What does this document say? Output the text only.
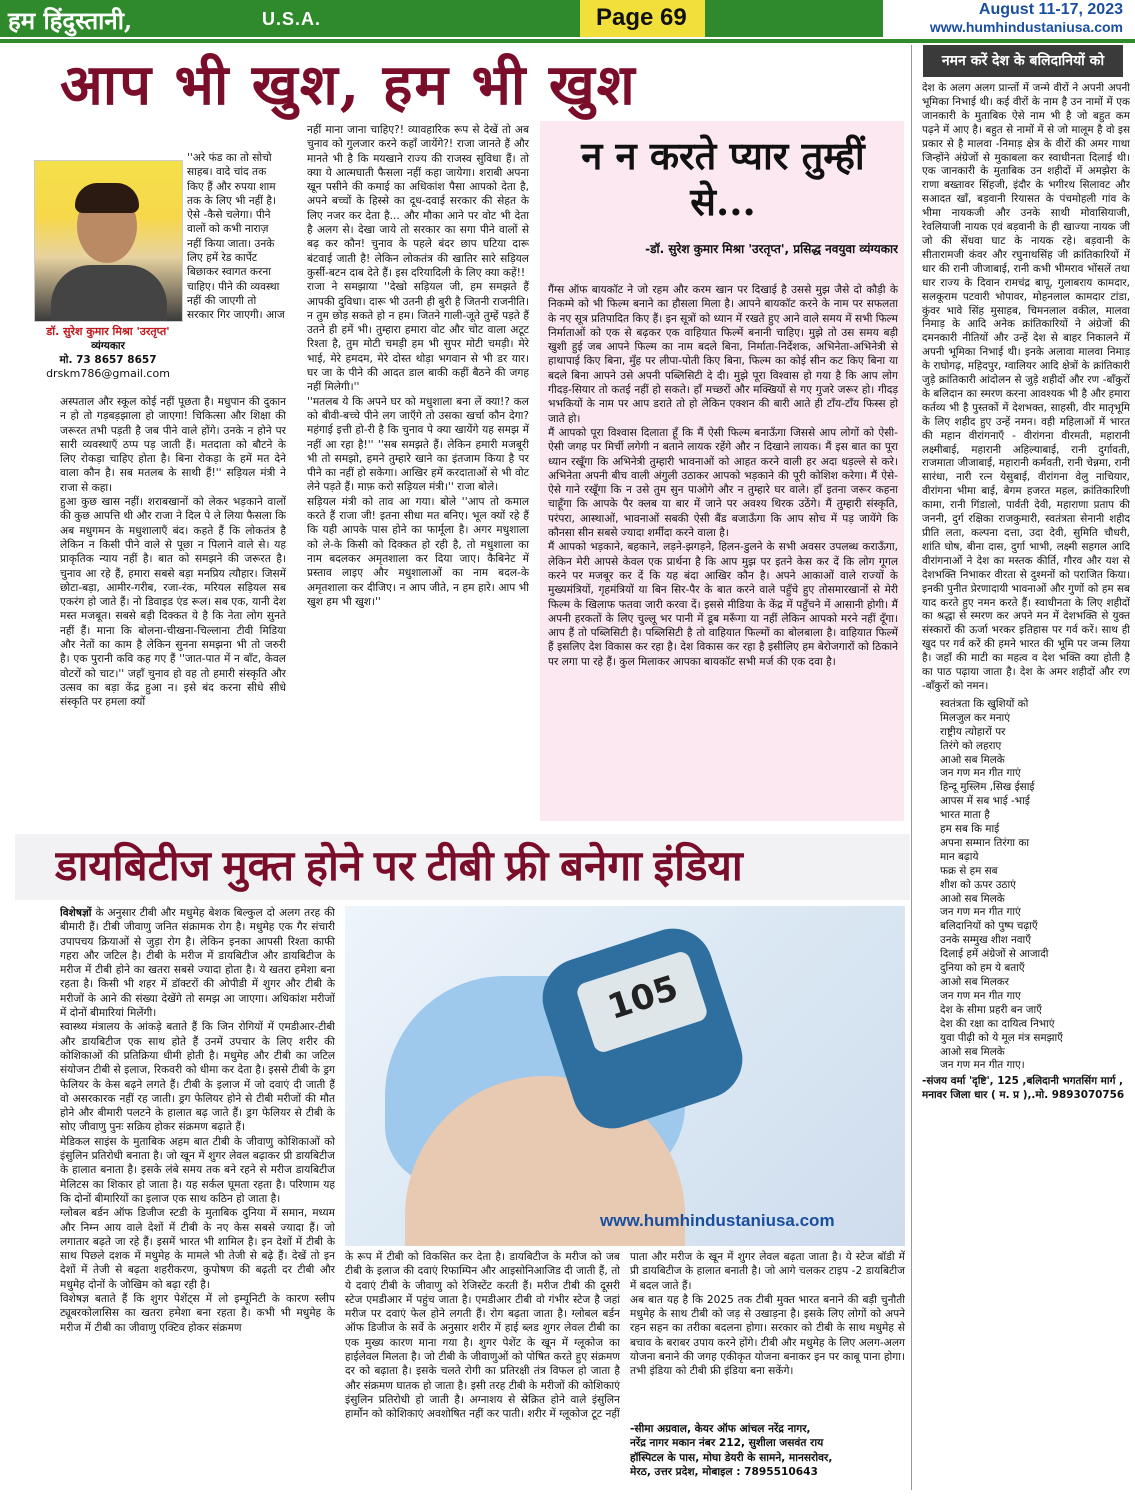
हम हिंदुस्तानी,	U.S.A.	Page 69	August 11-17, 2023
www.humhindustaniusa.com
आप भी खुश, हम भी खुश
डॉ. सुरेश कुमार मिश्रा 'उरतृप्त'
व्यंग्यकार
मो. 73 8657 8657
drskm786@gmail.com

''अरे फंड का तो सोचो साहब। वादे चांद तक किए हैं और रुपया शाम तक के लिए भी नहीं है। ऐसे -कैसे चलेगा। पीने वालों को कभी नाराज़ नहीं किया जाता। उनके लिए हमें रेड कार्पेट बिछाकर स्वागत करना चाहिए। पीने की व्यवस्था नहीं की जाएगी तो सरकार गिर जाएगी। आज

अस्पताल और स्कूल कोई नहीं पूछता है। मधुपान की दुकान न हो तो गड़बड़झाला हो जाएगा! चिकित्सा और शिक्षा की जरूरत तभी पड़ती है जब पीने वाले होंगे। उनके न होने पर सारी व्यवस्थाएँ ठप्प पड़ जाती हैं। मतदाता को बौटने के लिए रोकड़ा चाहिए होता है। बिना रोकड़ा के हमें मत देने वाला कौन है। सब मतलब के साथी हैं!'' सड़ियल मंत्री ने राजा से कहा।
हुआ कुछ खास नहीं। शराबखानों को लेकर भड़काने वालों की कुछ आपत्ति थी और राजा ने दिल पे ले लिया फैसला कि अब मधुगमन के मधुशालाएँ बंद। कहते हैं कि लोकतंत्र है लेकिन न किसी पीने वाले से पूछा न पिलाने वाले से। यह प्राकृतिक न्याय नहीं है। बात को समझने की जरूरत है। चुनाव आ रहे हैं, हमारा सबसे बड़ा मनप्रिय त्यौहार। जिसमें छोटा-बड़ा, आमीर-गरीब, रजा-रंक, मरियल सड़ियल सब एकरंग हो जाते हैं। नो डिवाइड एंड रूल। सब एक, यानी देश मस्त मजबूत। सबसे बड़ी दिक्कत ये है कि नेता लोग सुनते नहीं हैं। माना कि बोलना-चीखना-चिल्लाना टीवी मिडिया और नेतों का काम है लेकिन सुनना समझना भी तो जरुरी है। एक पुरानी कवि कह गए हैं ''जात-पात में न बाँट, केवल वोटरों को चाट।'' जहाँ चुनाव हो वह तो हमारी संस्कृति और उत्सव का बड़ा केंद्र हुआ न। इसे बंद करना सीधे सीधे संस्कृति पर हमला क्यों

नहीं माना जाना चाहिए?! व्यावहारिक रूप से देखें तो अब चुनाव को गुलजार करने कहाँ जायेंगे?! राजा जानते हैं और मानते भी है कि मयखाने राज्य की राजस्व सुविधा हैं। तो क्या ये आत्मघाती फैसला नहीं कहा जायेगा। शराबी अपना खून पसीने की कमाई का अधिकांश पैसा आपको देता है, अपने बच्चों के हिस्से का दूध-दवाई सरकार की सेहत के लिए नजर कर देता है... और मौका आने पर वोट भी देता है अलग से। देखा जाये तो सरकार का सगा पीने वालों से बढ़ कर कौन! चुनाव के पहले बंदर छाप घटिया दारू बंटवाई जाती है! लेकिन लोकतंत्र की खातिर सारे सड़ियल कुर्सी-बटन दाब देते हैं। इस दरियादिली के लिए क्या कहें!!
राजा ने समझाया ''देखो सड़ियल जी, हम समझते हैं आपकी दुविधा। दारू भी उतनी ही बुरी है जितनी राजनीति। न तुम छोड़ सकते हो न हम। जितने गाली-जूते तुम्हें पड़ते हैं उतने ही हमें भी। तुम्हारा हमारा वोट और चोट वाला अटूट रिश्ता है, तुम मोटी चमड़ी हम भी सुपर मोटी चमड़ी। मेरे भाई, मेरे हमदम, मेरे दोस्त थोड़ा भगवान से भी डर यार। घर जा के पीने की आदत डाल बाकी कहीं बैठने की जगह नहीं मिलेगी।''
''मतलब ये कि अपने घर को मधुशाला बना लें क्या!? कल को बीवी-बच्चे पीने लग जाएँगे तो उसका खर्चा कौन देगा? महंगाई इत्ती हो-री है कि चुनाव पे क्या खायेंगे यह समझ में नहीं आ रहा है!'' ''सब समझते हैं। लेकिन हमारी मजबूरी भी तो समझो, हमने तुम्हारे खाने का इंतजाम किया है पर पीने का नहीं हो सकेगा। आखिर हमें करदाताओं से भी वोट लेने पड़ते हैं। माफ़ करो सड़ियल मंत्री।'' राजा बोले।
सड़ियल मंत्री को ताव आ गया। बोले ''आप तो कमाल करते हैं राजा जी! इतना सीधा मत बनिए। भूल क्यों रहे हैं कि यही आपके पास होने का फार्मूला है। अगर मधुशाला को ले-के किसी को दिक्कत हो रही है, तो मधुशाला का नाम बदलकर अमृतशाला कर दिया जाए। कैबिनेट में प्रस्ताव लाइए और मधुशालाओं का नाम बदल-के अमृतशाला कर दीजिए। न आप जीते, न हम हारे। आप भी खुश हम भी खुश।''

न न करते प्यार तुम्हीं से...
-डॉ. सुरेश कुमार मिश्रा 'उरतृप्त', प्रसिद्ध नवयुवा व्यंग्यकार

गैंग्स ऑफ बायकॉट ने जो रहम और करम खान पर दिखाई है उससे मुझ जैसे दो कौड़ी के निकम्मे को भी फिल्म बनाने का हौसला मिला है। आपने बायकॉट करने के नाम पर सफलता के नए सूत्र प्रतिपादित किए हैं। इन सूत्रों को ध्यान में रखते हुए आने वाले समय में सभी फिल्म निर्माताओं को एक से बढ़कर एक वाहियात फिल्में बनानी चाहिए। मुझे तो उस समय बड़ी खुशी हुई जब आपने फिल्म का नाम बदले बिना, निर्माता-निर्देशक, अभिनेता-अभिनेत्री से हाथापाई किए बिना, मुँह पर लीपा-पोती किए बिना, फिल्म का कोई सीन कट किए बिना या बदले बिना आपने उसे अपनी पब्लिसिटी दे दी। मुझे पूरा विश्वास हो गया है कि आप लोग गीदड़-सियार तो कतई नहीं हो सकते। हाँ मच्छरों और मक्खियों से गए गुजरे जरूर हो। गीदड़ भभकियों के नाम पर आप डराते तो हो लेकिन एक्शन की बारी आते ही टाँय-टाँय फिस्स हो जाते हो।
मैं आपको पूरा विश्वास दिलाता हूँ कि मैं ऐसी फिल्म बनाऊँगा जिससे आप लोगों को ऐसी-ऐसी जगह पर मिर्ची लगेगी न बताने लायक रहेंगे और न दिखाने लायक। मैं इस बात का पूरा ध्यान रखूँगा कि अभिनेत्री तुम्हारी भावनाओं को आहत करने वाली हर अदा धड़ल्ले से करे। अभिनेता अपनी बीच वाली अंगुली उठाकर आपको भड़काने की पूरी कोशिश करेगा। मैं ऐसे-ऐसे गाने रखूँगा कि न उसे तुम सुन पाओगे और न तुम्हारे घर वाले। हाँ इतना जरूर कहना चाहूँगा कि आपके पैर क्लब या बार में जाने पर अवश्य थिरक उठेंगे। मैं तुम्हारी संस्कृति, परंपरा, आस्थाओं, भावनाओं सबकी ऐसी बैंड बजाऊँगा कि आप सोच में पड़ जायेंगे कि कौनसा सीन सबसे ज्यादा शर्मीदा करने वाला है।
मैं आपको भड़काने, बहकाने, लड़ने-झगड़ने, हिलन-डुलने के सभी अवसर उपलब्ध कराऊँगा, लेकिन मेरी आपसे केवल एक प्रार्थना है कि आप मुझ पर इतने केस कर दें कि लोग गूगल करने पर मजबूर कर दें कि यह बंदा आखिर कौन है। अपने आकाओं वाले राज्यों के मुख्यमंत्रियों, गृहमंत्रियों या बिन सिर-पैर के बात करने वाले पहुँचे हुए तोसमारखानों से मेरी फिल्म के खिलाफ फतवा जारी करवा दें। इससे मीडिया के केंद्र में पहुँचने में आसानी होगी। मैं अपनी हरकतों के लिए चुल्लू भर पानी में डूब मरूँगा या नहीं लेकिन आपको मरने नहीं दूँगा। आप हैं तो पब्लिसिटी है। पब्लिसिटी है तो वाहियात फिल्मों का बोलबाला है। वाहियात फिल्में हैं इसलिए देश विकास कर रहा है। देश विकास कर रहा है इसीलिए हम बेरोजगारों को ठिकाने पर लगा पा रहे हैं। कुल मिलाकर आपका बायकॉट सभी मर्ज की एक दवा है।

नमन करें देश के बलिदानियों को

देश के अलग अलग प्रान्तों में जन्मे वीरों ने अपनी अपनी भूमिका निभाई थी। कई वीरों के नाम है उन नामों में एक जानकारी के मुताबिक ऐसे नाम भी है जो बहुत कम पढ़ने में आए है। बहुत से नामों में से जो मालूम है वो इस प्रकार से है मालवा -निमाड़ क्षेत्र के वीरों की अमर गाथा जिन्होंने अंग्रेजों से मुकाबला कर स्वाधीनता दिलाई थी। एक जानकारी के मुताबिक उन शहीदों में अमझेरा के राणा बख्तावर सिंहजी, इंदौर के भगीरथ सिलावट और सआदत खाँ, बड़वानी रियासत के पंचमोहली गांव के भीमा नायकजी और उनके साथी मोवासियाजी, रेवलियाजी नायक एवं बड़वानी के ही खाज्या नायक जी जो की सेंधवा घाट के नायक रहे। बड़वानी के सीतारामजी कंवर और रघुनाथसिंह जी क्रांतिकारियों में धार की रानी जीजाबाई, रानी कभी भीमराव भोंसलें तथा धार राज्य के दिवान रामचंद्र बापू, गुलाबराय कामदार, सलकूराम पटवारी भोपावर, मोहनलाल कामदार टांडा, कुंवर भावे सिंह मुसाहब, चिमनलाल वकील, मालवा निमाड़ के आदि अनेक क्रांतिकारियों ने अंग्रेजों की दमनकारी नीतियों और उन्हें देश से बाहर निकालने में अपनी भूमिका निभाई थी। इनके अलावा मालवा निमाड़ के राघोगढ़, महिदपुर, ग्वालियर आदि क्षेत्रों के क्रांतिकारी जुड़े क्रांतिकारी आंदोलन से जुड़े शहीदों और रण -बाँकुरों के बलिदान का स्मरण करना आवश्यक भी है और हमारा कर्तव्य भी है पुस्तकों में देशभक्त, साहसी, वीर मातृभूमि के लिए शहीद हुए उन्हें नमन। वही महिलाओं में भारत की महान वीरांगनाएँ - वीरांगना वीरमती, महारानी लक्ष्मीबाई, महारानी अहिल्याबाई, रानी दुर्गावती, राजमाता जीजाबाई, महारानी कर्मवती, रानी चेन्नमा, रानी सारंधा, नारी रत्न येसुबाई, वीरांगना वेलु नाचियार, वीरांगना भीमा बाई, बेगम हजरत महल, क्रांतिकारिणी कामा, रानी गिंडालो, पार्वती देवी, महाराणा प्रताप की जननी, दुर्ग रक्षिका राजकुमारी, स्वतंत्रता सेनानी शहीद प्रीति लता, कल्पना दत्ता, उदा देवी, सुमिति चौधरी, शांति घोष, बीना दास, दुर्गा भाभी, लक्ष्मी सहगल आदि वीरांगनाओं ने देश का मस्तक कीर्ति, गौरव और यश से देशभक्ति निभाकर वीरता से दुश्मनों को पराजित किया। इनकी पुनीत प्रेरणादायी भावनाओं और गुणों को हम सब याद करते हुए नमन करते हैं। स्वाधीनता के लिए शहीदों का श्रद्धा से स्मरण कर अपने मन में देशभक्ति से युक्त संस्कारों की ऊर्जा भरकर इतिहास पर गर्व करें। साथ ही खुद पर गर्व करें की हमने भारत की भूमि पर जन्म लिया है। जहाँ की माटी का महत्व व देश भक्ति क्या होती है का पाठ पढ़ाया जाता है। देश के अमर शहीदों और रण -बाँकुरों को नमन।

स्वतंत्रता कि खुशियों को
मिलजुल कर मनाएं
राष्ट्रीय त्योहारों पर
तिरंगे को लहराए
आओ सब मिलके
जन गण मन गीत गाएं
हिन्दू मुस्लिम ,सिख ईसाई
आपस में सब भाई -भाई
भारत माता है
हम सब कि माई
अपना सम्मान तिरंगा का
मान बढ़ाये
फक्र से हम सब
शीश को ऊपर उठाएं
आओ सब मिलके
जन गण मन गीत गाएं
बलिदानियों को पुष्प चढ़ाएँ
उनके सम्मुख शीश नवाएँ
दिलाई हमें अंग्रेजों से आजादी
दुनिया को हम ये बताएँ
आओ सब मिलकर
जन गण मन गीत गाए
देश के सीमा प्रहरी बन जाएँ
देश की रक्षा का दायित्व निभाएं
युवा पीढ़ी को ये मूल मंत्र समझाएँ
आओ सब मिलके
जन गण मन गीत गाए।
-संजय वर्मा 'दृष्टि', 125 ,बलिदानी भगतसिंग मार्ग , मनावर जिला धार ( म. प्र ),.मो. 9893070756
डायबिटीज मुक्त होने पर टीबी फ्री बनेगा इंडिया
105
www.humhindustaniusa.com

विशेषज्ञों के अनुसार टीबी और मधुमेह बेशक बिल्कुल दो अलग तरह की बीमारी हैं। टीबी जीवाणु जनित संक्रामक रोग है। मधुमेह एक गैर संचारी उपापचय क्रियाओं से जुड़ा रोग है। लेकिन इनका आपसी रिश्ता काफी गहरा और जटिल है। टीबी के मरीज में डायबिटीज और डायबिटीज के मरीज में टीबी होने का खतरा सबसे ज्यादा होता है। ये खतरा हमेशा बना रहता है। किसी भी शहर में डॉक्टरों की ओपीडी में शुगर और टीबी के मरीजों के आने की संख्या देखेंगे तो समझ आ जाएगा। अधिकांश मरीजों में दोनों बीमारियां मिलेंगी।
स्वास्थ्य मंत्रालय के आंकड़े बताते हैं कि जिन रोगियों में एमडीआर-टीबी और डायबिटीज एक साथ होते हैं उनमें उपचार के लिए शरीर की कोशिकाओं की प्रतिक्रिया धीमी होती है। मधुमेह और टीबी का जटिल संयोजन टीबी से इलाज, रिकवरी को धीमा कर देता है। इससे टीबी के ड्रग फेलियर के केस बढ़ने लगते हैं। टीबी के इलाज में जो दवाएं दी जाती हैं वो असरकारक नहीं रह जाती। ड्रग फेलियर होने से टीबी मरीजों की मौत होने और बीमारी पलटने के हालात बढ़ जाते हैं। ड्रग फेलियर से टीबी के सोए जीवाणु पुनः सक्रिय होकर संक्रमण बढ़ाते हैं।
मेडिकल साइंस के मुताबिक अहम बात टीबी के जीवाणु कोशिकाओं को इंसुलिन प्रतिरोधी बनाता है। जो खून में शुगर लेवल बढ़ाकर प्री डायबिटीज के हालात बनाता है। इसके लंबे समय तक बने रहने से मरीज डायबिटीज मेलिटस का शिकार हो जाता है। यह सर्कल घूमता रहता है। परिणाम यह कि दोनों बीमारियों का इलाज एक साथ कठिन हो जाता है।
ग्लोबल बर्डन ऑफ डिजीज स्टडी के मुताबिक दुनिया में समान, मध्यम और निम्न आय वाले देशों में टीबी के नए केस सबसे ज्यादा हैं। जो लगातार बढ़ते जा रहे हैं। इसमें भारत भी शामिल है। इन देशों में टीबी के साथ पिछले दशक में मधुमेह के मामले भी तेजी से बढ़े हैं। देखें तो इन देशों में तेजी से बढ़ता शहरीकरण, कुपोषण की बढ़ती दर टीबी और मधुमेह दोनों के जोखिम को बढ़ा रही है।
विशेषज्ञ बताते हैं कि शुगर पेशेंट्स में लो इम्यूनिटी के कारण स्लीप ट्यूबरकोलासिस का खतरा हमेशा बना रहता है। कभी भी मधुमेह के मरीज में टीबी का जीवाणु एक्टिव होकर संक्रमण

के रूप में टीबी को विकसित कर देता है। डायबिटीज के मरीज को जब टीबी के इलाज की दवाएं रिफाम्पिन और आइसोनिआजिड दी जाती हैं, तो ये दवाएं टीबी के जीवाणु को रेजिस्टेंट करती हैं। मरीज टीबी की दूसरी स्टेज एमडीआर में पहुंच जाता है। एमडीआर टीबी वो गंभीर स्टेज है जहां मरीज पर दवाएं फेल होने लगती हैं। रोग बढ़ता जाता है। ग्लोबल बर्डन ऑफ डिजीज के सर्वे के अनुसार शरीर में हाई ब्लड शुगर लेवल टीबी का एक मुख्य कारण माना गया है। शुगर पेशेंट के खून में ग्लूकोज का हाईलेवल मिलता है। जो टीबी के जीवाणुओं को पोषित करते हुए संक्रमण दर को बढ़ाता है। इसके चलते रोगी का प्रतिरक्षी तंत्र विफल हो जाता है और संक्रमण घातक हो जाता है। इसी तरह टीबी के मरीजों की कोशिकाएं इंसुलिन प्रतिरोधी हो जाती है। अग्नाशय से स्रेक्रित होने वाले इंसुलिन हार्मोन को कोशिकाएं अवशोषित नहीं कर पाती। शरीर में ग्लूकोज टूट नहीं

पाता और मरीज के खून में शुगर लेवल बढ़ता जाता है। ये स्टेज बॉडी में प्री डायबिटीज के हालात बनाती है। जो आगे चलकर टाइप -2 डायबिटीज में बदल जाते हैं।
अब बात यह है कि 2025 तक टीबी मुक्त भारत बनाने की बड़ी चुनौती मधुमेह के साथ टीबी को जड़ से उखाड़ना है। इसके लिए लोगों को अपने रहन सहन का तरीका बदलना होगा। सरकार को टीबी के साथ मधुमेह से बचाव के बराबर उपाय करने होंगे। टीबी और मधुमेह के लिए अलग-अलग योजना बनाने की जगह एकीकृत योजना बनाकर इन पर काबू पाना होगा। तभी इंडिया को टीबी फ्री इंडिया बना सकेंगे।

-सीमा अग्रवाल, केयर ऑफ आंचल नरेंद्र नागर,
नरेंद्र नागर मकान नंबर 212, सुशीला जसवंत राय
हॉस्पिटल के पास, मोघा डेयरी के सामने, मानसरोवर,
मेरठ, उत्तर प्रदेश, मोबाइल : 7895510643
